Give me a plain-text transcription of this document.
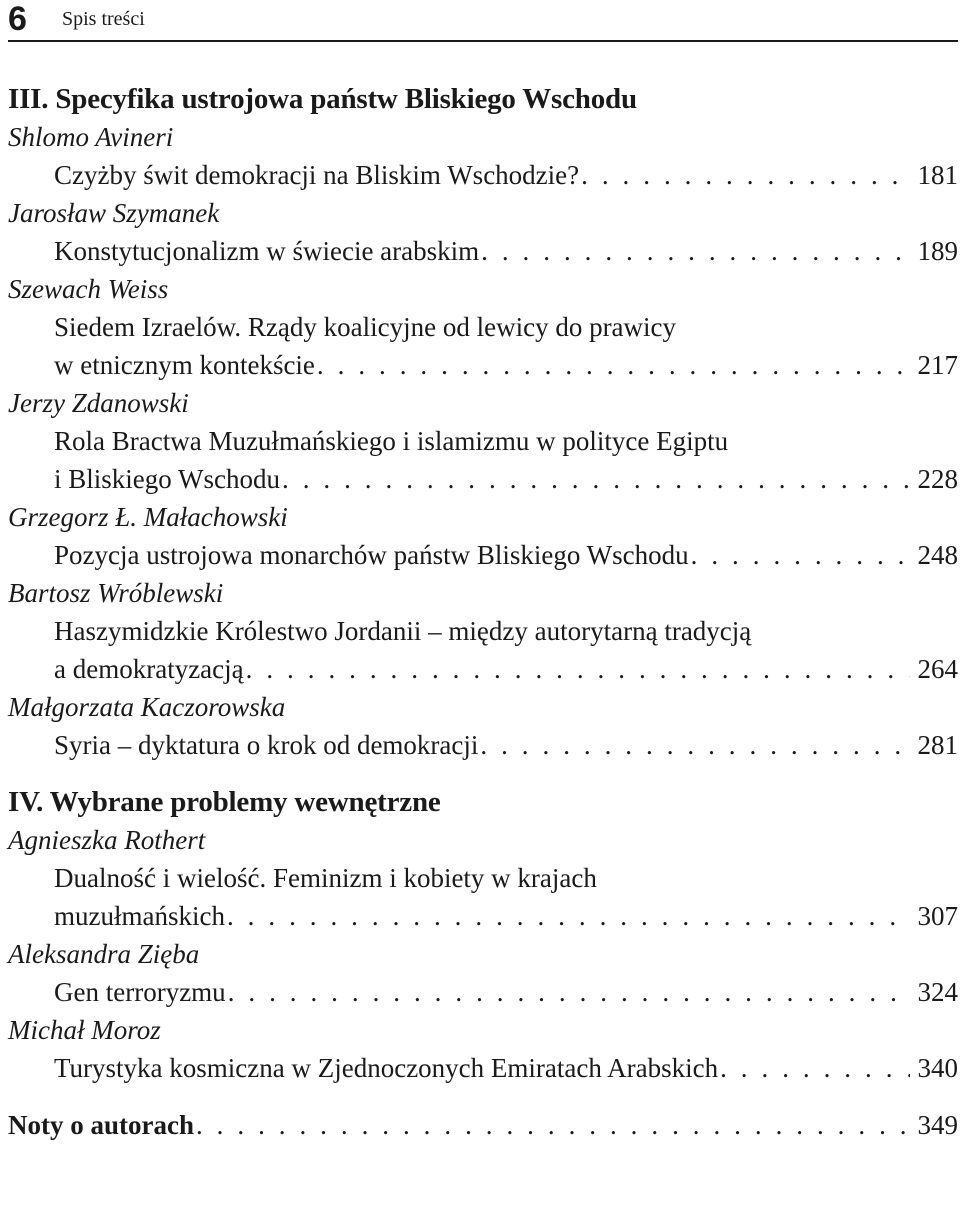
6 Spis treści
III. Specyfika ustrojowa państw Bliskiego Wschodu
Shlomo Avineri
Czyżby świt demokracji na Bliskim Wschodzie? . . .	181
Jarosław Szymanek
Konstytucjonalizm w świecie arabskim . . .	189
Szewach Weiss
Siedem Izraelów. Rządy koalicyjne od lewicy do prawicy
w etnicznym kontekście . . .	217
Jerzy Zdanowski
Rola Bractwa Muzułmańskiego i islamizmu w polityce Egiptu
i Bliskiego Wschodu . . .	228
Grzegorz Ł. Małachowski
Pozycja ustrojowa monarchów państw Bliskiego Wschodu . . .	248
Bartosz Wróblewski
Haszymidzkie Królestwo Jordanii – między autorytarną tradycją
a demokratyzacją . . .	264
Małgorzata Kaczorowska
Syria – dyktatura o krok od demokracji . . .	281
IV. Wybrane problemy wewnętrzne
Agnieszka Rothert
Dualność i wielość. Feminizm i kobiety w krajach
muzułmańskich . . .	307
Aleksandra Zięba
Gen terroryzmu . . .	324
Michał Moroz
Turystyka kosmiczna w Zjednoczonych Emiratach Arabskich . . .	340
Noty o autorach . . .	349
